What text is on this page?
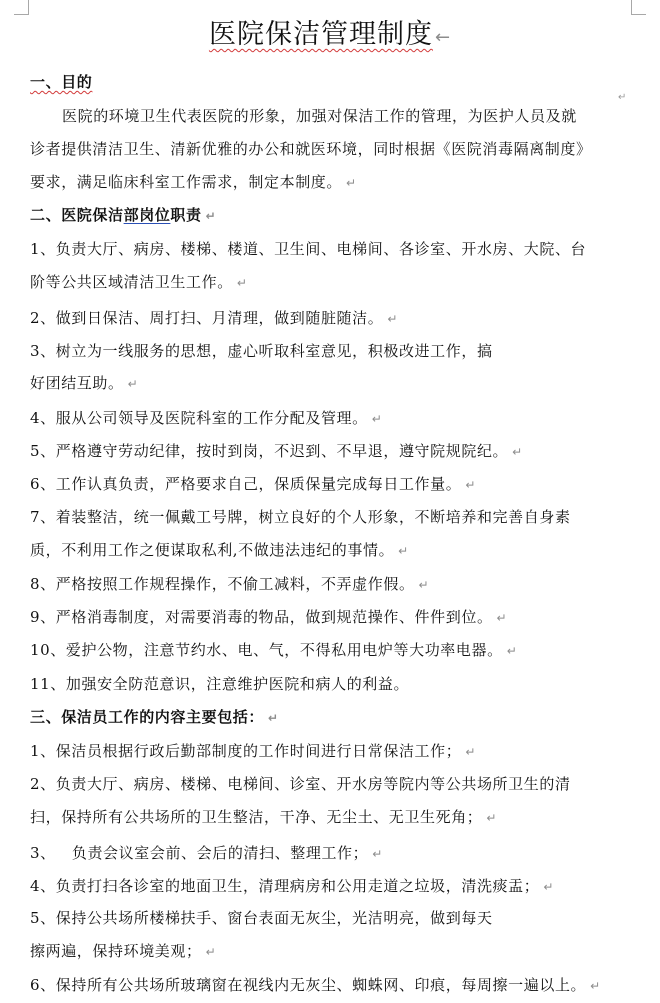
医院保洁管理制度 ←
一、目的
↵
医院的环境卫生代表医院的形象，加强对保洁工作的管理，为医护人员及就
诊者提供清洁卫生、清新优雅的办公和就医环境，同时根据《医院消毒隔离制度》
要求，满足临床科室工作需求，制定本制度。 ↵
二、医院保洁部岗位职责 ↵
1、负责大厅、病房、楼梯、楼道、卫生间、电梯间、各诊室、开水房、大院、台
阶等公共区域清洁卫生工作。 ↵
2、做到日保洁、周打扫、月清理，做到随脏随洁。 ↵
3、树立为一线服务的思想，虚心听取科室意见，积极改进工作，搞
好团结互助。 ↵
4、服从公司领导及医院科室的工作分配及管理。 ↵
5、严格遵守劳动纪律，按时到岗，不迟到、不早退，遵守院规院纪。 ↵
6、工作认真负责，严格要求自己，保质保量完成每日工作量。 ↵
7、着装整洁，统一佩戴工号牌，树立良好的个人形象，不断培养和完善自身素
质，不利用工作之便谋取私利,不做违法违纪的事情。 ↵
8、严格按照工作规程操作，不偷工减料，不弄虚作假。 ↵
9、严格消毒制度，对需要消毒的物品，做到规范操作、件件到位。 ↵
10、爱护公物，注意节约水、电、气，不得私用电炉等大功率电器。 ↵
11、加强安全防范意识，注意维护医院和病人的利益。
三、保洁员工作的内容主要包括： ↵
1、保洁员根据行政后勤部制度的工作时间进行日常保洁工作； ↵
2、负责大厅、病房、楼梯、电梯间、诊室、开水房等院内等公共场所卫生的清
扫，保持所有公共场所的卫生整洁，干净、无尘土、无卫生死角； ↵
3、   负责会议室会前、会后的清扫、整理工作； ↵
4、负责打扫各诊室的地面卫生，清理病房和公用走道之垃圾，清洗痰盂； ↵
5、保持公共场所楼梯扶手、窗台表面无灰尘，光洁明亮，做到每天
擦两遍，保持环境美观； ↵
6、保持所有公共场所玻璃窗在视线内无灰尘、蜘蛛网、印痕，每周擦一遍以上。 ↵
